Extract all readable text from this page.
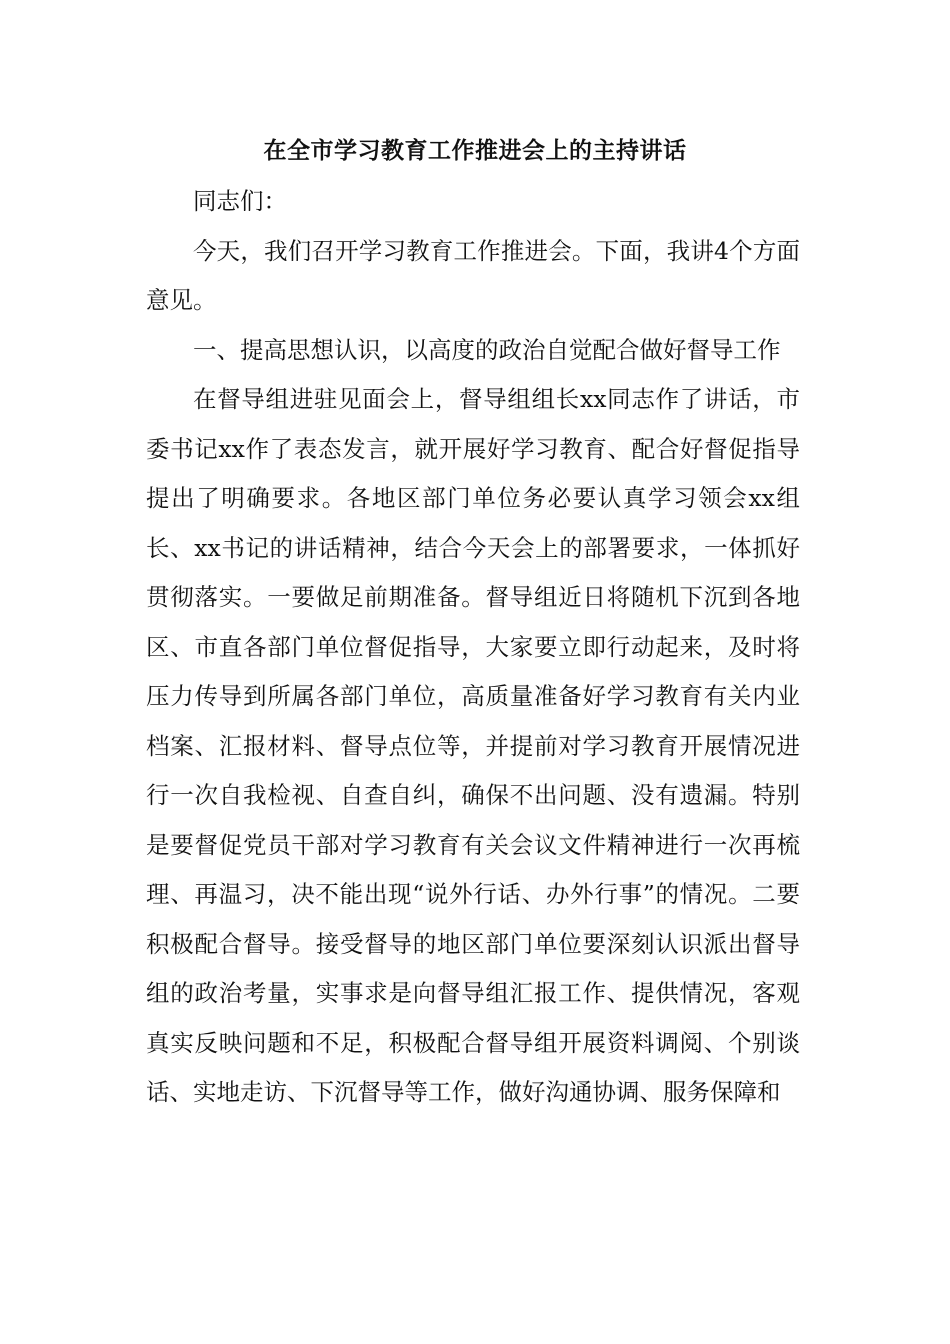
在全市学习教育工作推进会上的主持讲话

同志们：

今天，我们召开学习教育工作推进会。下面，我讲4个方面意见。

一、提高思想认识，以高度的政治自觉配合做好督导工作

在督导组进驻见面会上，督导组组长xx同志作了讲话，市委书记xx作了表态发言，就开展好学习教育、配合好督促指导提出了明确要求。各地区部门单位务必要认真学习领会xx组长、xx书记的讲话精神，结合今天会上的部署要求，一体抓好贯彻落实。一要做足前期准备。督导组近日将随机下沉到各地区、市直各部门单位督促指导，大家要立即行动起来，及时将压力传导到所属各部门单位，高质量准备好学习教育有关内业档案、汇报材料、督导点位等，并提前对学习教育开展情况进行一次自我检视、自查自纠，确保不出问题、没有遗漏。特别是要督促党员干部对学习教育有关会议文件精神进行一次再梳理、再温习，决不能出现“说外行话、办外行事”的情况。二要积极配合督导。接受督导的地区部门单位要深刻认识派出督导组的政治考量，实事求是向督导组汇报工作、提供情况，客观真实反映问题和不足，积极配合督导组开展资料调阅、个别谈话、实地走访、下沉督导等工作，做好沟通协调、服务保障和
